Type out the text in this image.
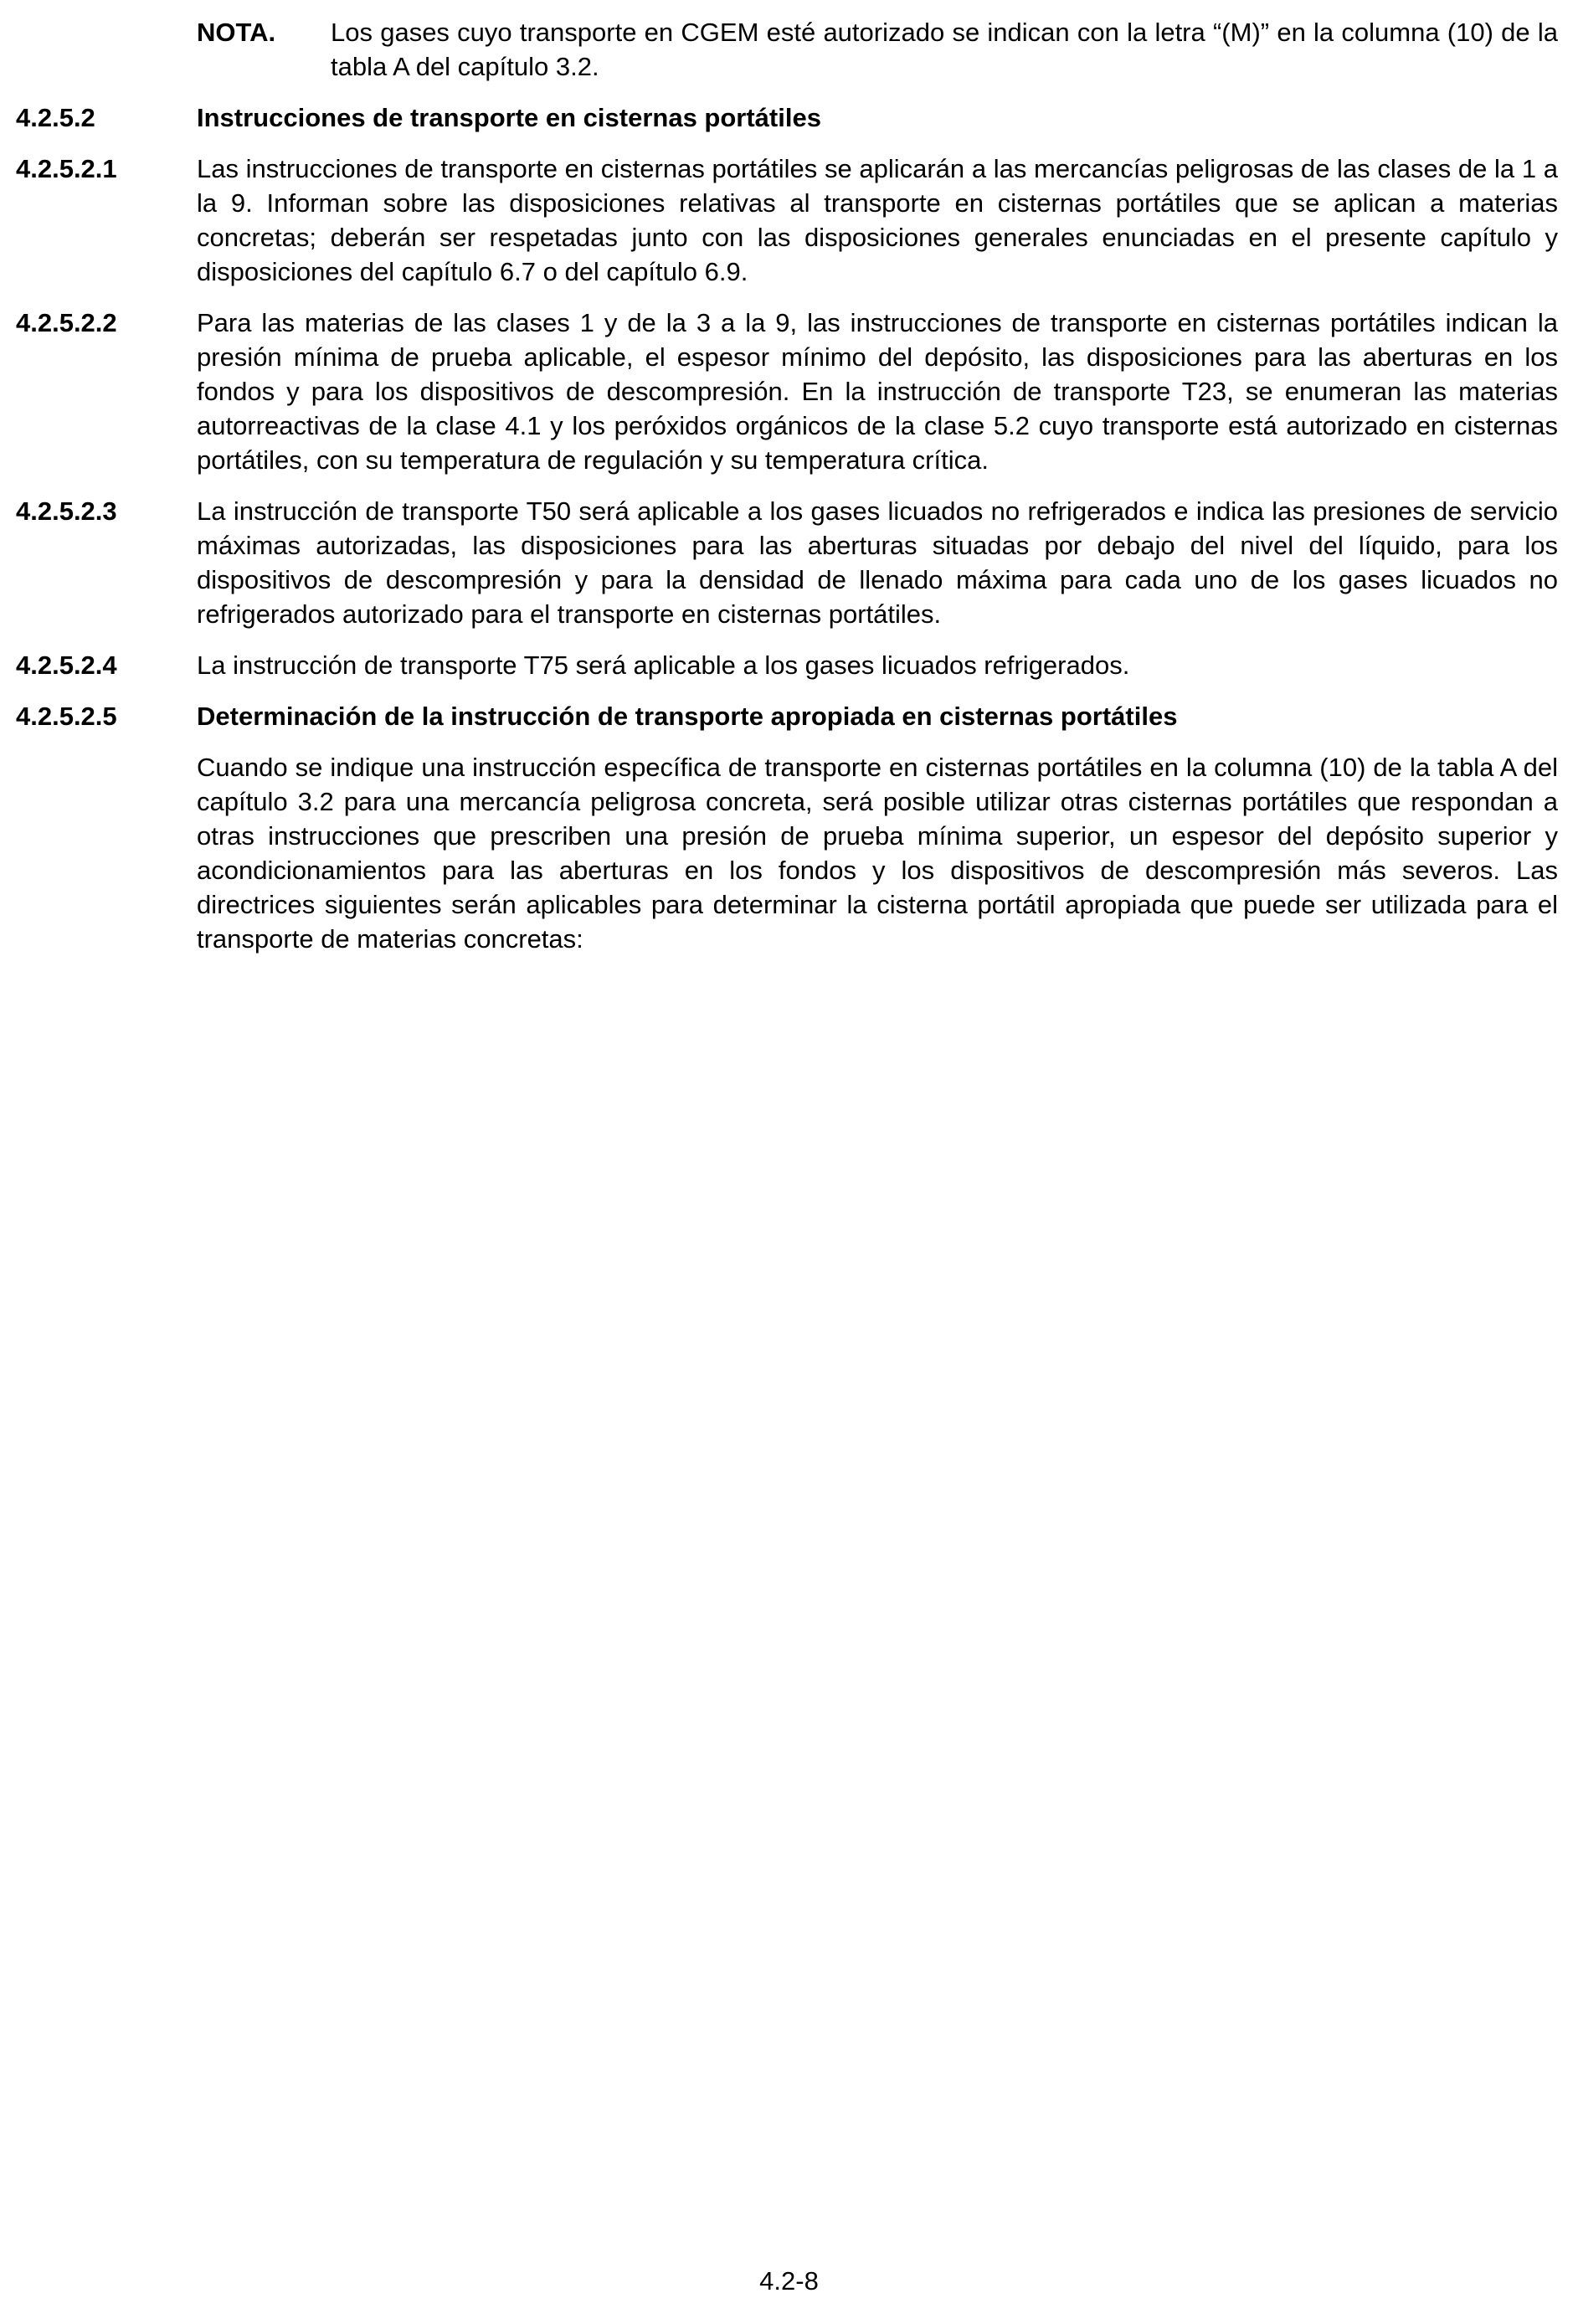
NOTA.	Los gases cuyo transporte en CGEM esté autorizado se indican con la letra “(M)” en la columna (10) de la tabla A del capítulo 3.2.
4.2.5.2	Instrucciones de transporte en cisternas portátiles
4.2.5.2.1	Las instrucciones de transporte en cisternas portátiles se aplicarán a las mercancías peligrosas de las clases de la 1 a la 9. Informan sobre las disposiciones relativas al transporte en cisternas portátiles que se aplican a materias concretas; deberán ser respetadas junto con las disposiciones generales enunciadas en el presente capítulo y disposiciones del capítulo 6.7 o del capítulo 6.9.
4.2.5.2.2	Para las materias de las clases 1 y de la 3 a la 9, las instrucciones de transporte en cisternas portátiles indican la presión mínima de prueba aplicable, el espesor mínimo del depósito, las disposiciones para las aberturas en los fondos y para los dispositivos de descompresión. En la instrucción de transporte T23, se enumeran las materias autorreactivas de la clase 4.1 y los peróxidos orgánicos de la clase 5.2 cuyo transporte está autorizado en cisternas portátiles, con su temperatura de regulación y su temperatura crítica.
4.2.5.2.3	La instrucción de transporte T50 será aplicable a los gases licuados no refrigerados e indica las presiones de servicio máximas autorizadas, las disposiciones para las aberturas situadas por debajo del nivel del líquido, para los dispositivos de descompresión y para la densidad de llenado máxima para cada uno de los gases licuados no refrigerados autorizado para el transporte en cisternas portátiles.
4.2.5.2.4	La instrucción de transporte T75 será aplicable a los gases licuados refrigerados.
4.2.5.2.5	Determinación de la instrucción de transporte apropiada en cisternas portátiles
Cuando se indique una instrucción específica de transporte en cisternas portátiles en la columna (10) de la tabla A del capítulo 3.2 para una mercancía peligrosa concreta, será posible utilizar otras cisternas portátiles que respondan a otras instrucciones que prescriben una presión de prueba mínima superior, un espesor del depósito superior y acondicionamientos para las aberturas en los fondos y los dispositivos de descompresión más severos. Las directrices siguientes serán aplicables para determinar la cisterna portátil apropiada que puede ser utilizada para el transporte de materias concretas:
4.2-8
